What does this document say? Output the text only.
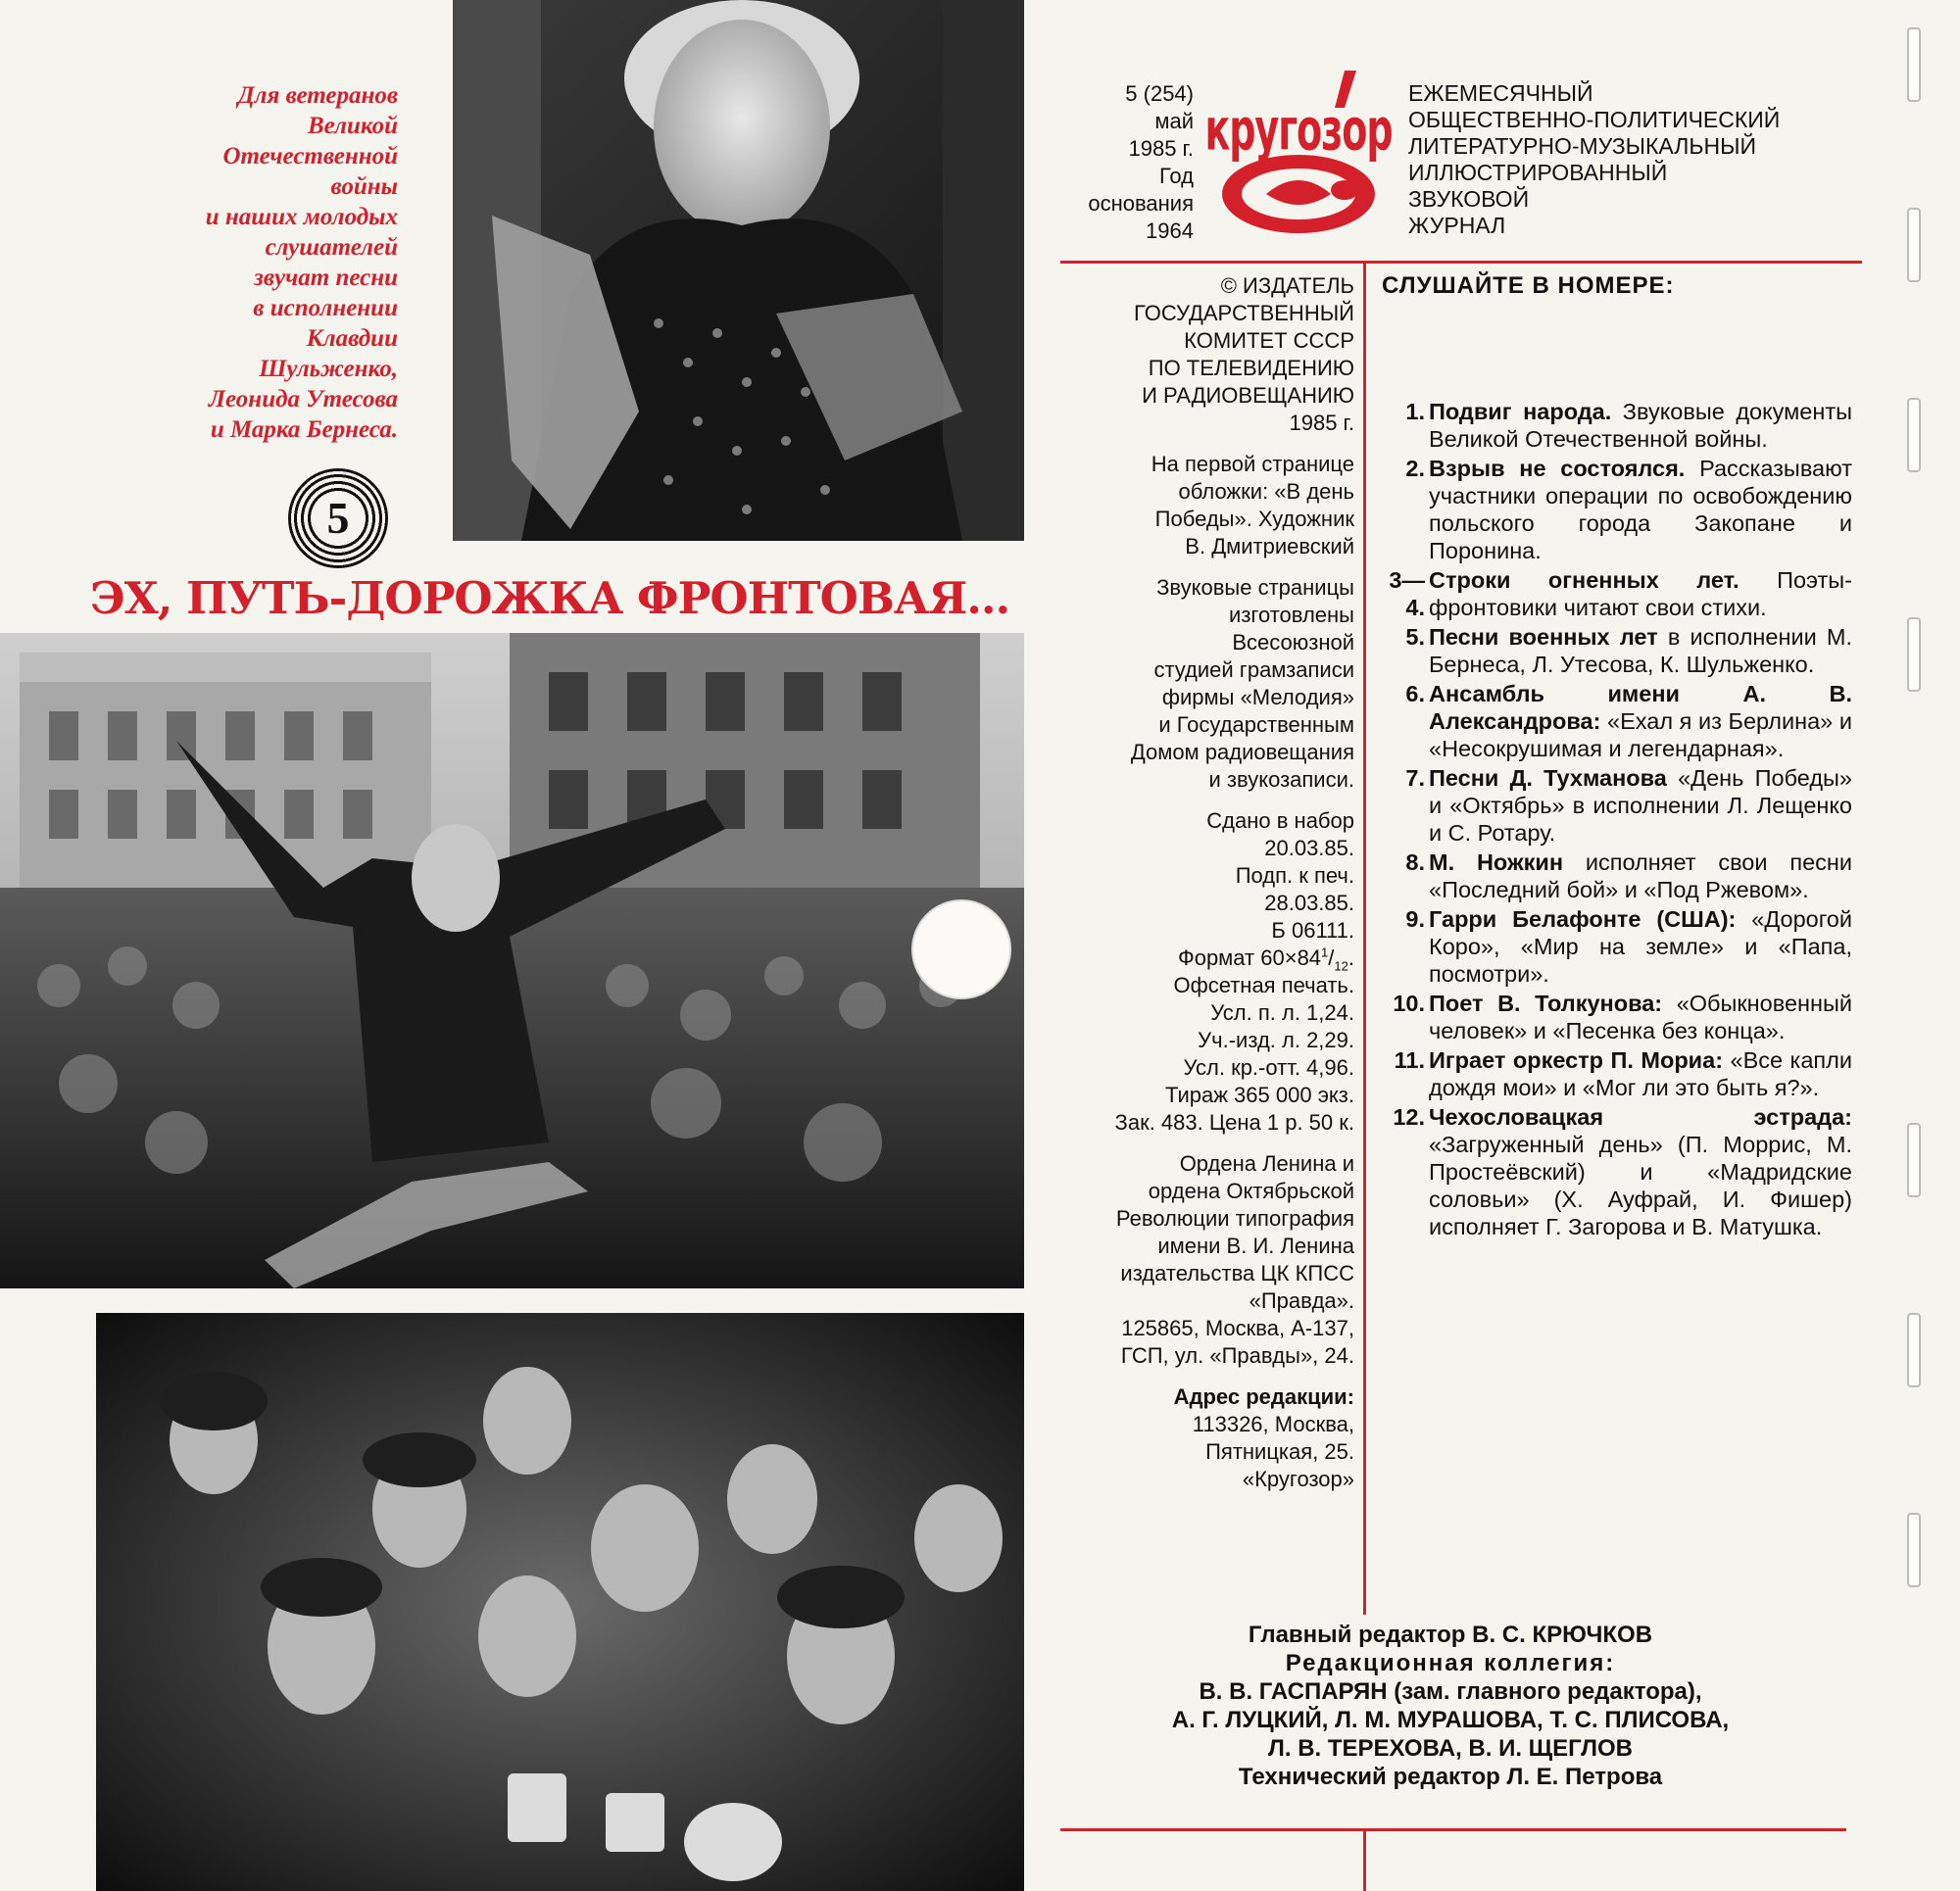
Для ветеранов
Великой
Отечественной
войны
и наших молодых
слушателей
звучат песни
в исполнении
Клавдии
Шульженко,
Леонида Утесова
и Марка Бернеса.
5
ЭХ, ПУТЬ-ДОРОЖКА ФРОНТОВАЯ...
5 (254)
май
1985 г.
Год
основания
1964
кругозор
ЕЖЕМЕСЯЧНЫЙ
ОБЩЕСТВЕННО-ПОЛИТИЧЕСКИЙ
ЛИТЕРАТУРНО-МУЗЫКАЛЬНЫЙ
ИЛЛЮСТРИРОВАННЫЙ
ЗВУКОВОЙ
ЖУРНАЛ
© ИЗДАТЕЛЬ
ГОСУДАРСТВЕННЫЙ
КОМИТЕТ СССР
ПО ТЕЛЕВИДЕНИЮ
И РАДИОВЕЩАНИЮ
1985 г.
На первой странице
обложки: «В день
Победы». Художник
В. Дмитриевский
Звуковые страницы
изготовлены
Всесоюзной
студией грамзаписи
фирмы «Мелодия»
и Государственным
Домом радиовещания
и звукозаписи.
Сдано в набор
20.03.85.
Подп. к печ.
28.03.85.
Б 06111.
Формат $60\times 84^1/_{12}$.
Офсетная печать.
Усл. п. л. 1,24.
Уч.-изд. л. 2,29.
Усл. кр.-отт. 4,96.
Тираж 365 000 экз.
Зак. 483. Цена 1 р. 50 к.
Ордена Ленина и
ордена Октябрьской
Революции типография
имени В. И. Ленина
издательства ЦК КПСС
«Правда».
125865, Москва, А-137,
ГСП, ул. «Правды», 24.
Адрес редакции:
113326, Москва,
Пятницкая, 25.
«Кругозор»
СЛУШАЙТЕ В НОМЕРЕ:
1. Подвиг народа. Звуковые документы Великой Отечественной войны.
2. Взрыв не состоялся. Рассказывают участники операции по освобождению польского города Закопане и Поронина.
3—4.
Строки огненных лет. Поэты-фронтовики читают свои стихи.
5. Песни военных лет в исполнении М. Бернеса, Л. Утесова, К. Шульженко.
6. Ансамбль имени А. В. Александрова: «Ехал я из Берлина» и «Несокрушимая и легендарная».
7. Песни Д. Тухманова «День Победы» и «Октябрь» в исполнении Л. Лещенко и С. Ротару.
8. М. Ножкин исполняет свои песни «Последний бой» и «Под Ржевом».
9. Гарри Белафонте (США): «Дорогой Коро», «Мир на земле» и «Папа, посмотри».
10. Поет В. Толкунова: «Обыкновенный человек» и «Песенка без конца».
11. Играет оркестр П. Мориа: «Все капли дождя мои» и «Мог ли это быть я?».
12. Чехословацкая эстрада: «Загруженный день» (П. Моррис, М. Простеёвский) и «Мадридские соловьи» (Х. Ауфрай, И. Фишер) исполняет Г. Загорова и В. Матушка.
Главный редактор В. С. КРЮЧКОВ
Редакционная коллегия:
В. В. ГАСПАРЯН (зам. главного редактора),
А. Г. ЛУЦКИЙ, Л. М. МУРАШОВА, Т. С. ПЛИСОВА,
Л. В. ТЕРЕХОВА, В. И. ЩЕГЛОВ
Технический редактор Л. Е. Петрова
